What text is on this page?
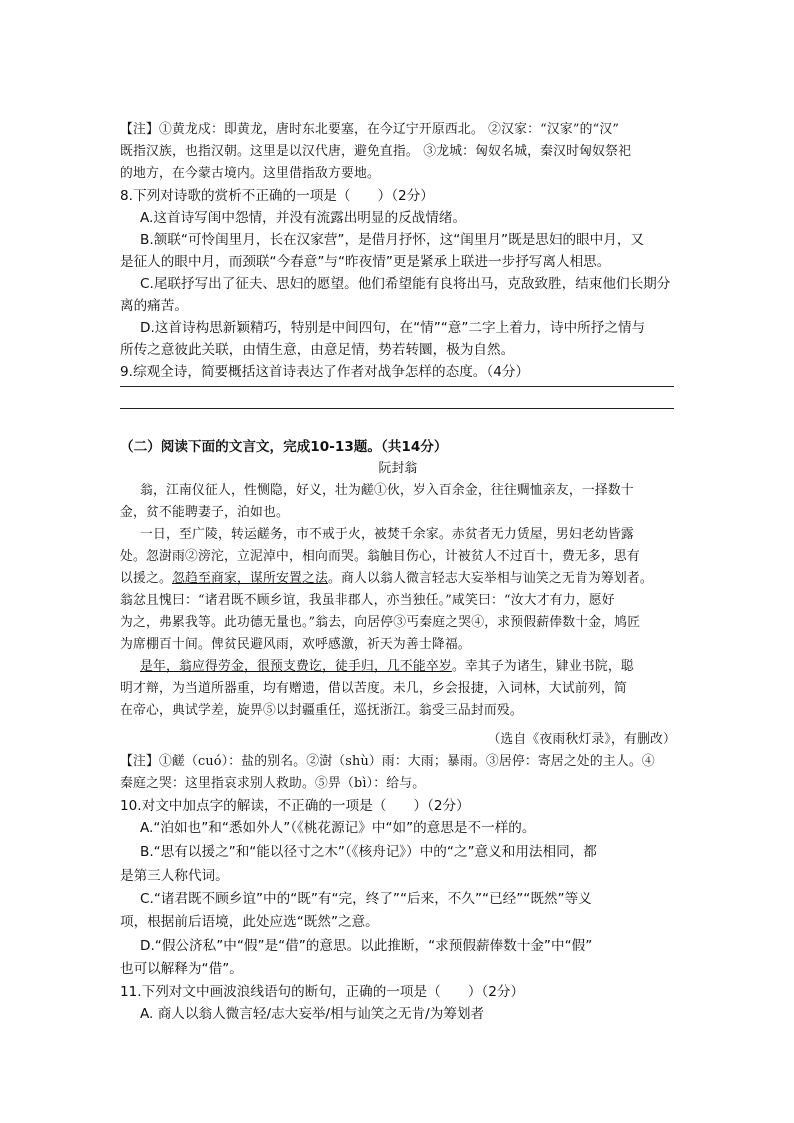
【注】①黄龙戍：即黄龙，唐时东北要塞，在今辽宁开原西北。 ②汉家：“汉家”的“汉”
既指汉族，也指汉朝。这里是以汉代唐，避免直指。 ③龙城：匈奴名城，秦汉时匈奴祭祀
的地方，在今蒙古境内。这里借指敌方要地。
8.下列对诗歌的赏析不正确的一项是（　　）（2分）
A.这首诗写闺中怨情，并没有流露出明显的反战情绪。
B.颔联“可怜闺里月，长在汉家营”，是借月抒怀，这“闺里月”既是思妇的眼中月，又
是征人的眼中月，而颈联“今春意”与“昨夜情”更是紧承上联进一步抒写离人相思。
C.尾联抒写出了征夫、思妇的愿望。他们希望能有良将出马，克敌致胜，结束他们长期分
离的痛苦。
D.这首诗构思新颖精巧，特别是中间四句，在“情”“意”二字上着力，诗中所抒之情与
所传之意彼此关联，由情生意，由意足情，势若转圜，极为自然。
9.综观全诗，简要概括这首诗表达了作者对战争怎样的态度。（4分）
（二）阅读下面的文言文，完成10-13题。（共14分）
阮封翁
翁，江南仪征人，性恻隐，好义，壮为鹾①伙，岁入百余金，往往赒恤亲友，一择数十
金，贫不能聘妻子，泊如也。
一日，至广陵，转运鹾务，市不戒于火，被焚千余家。赤贫者无力赁屋，男妇老幼皆露
处。忽澍雨②滂沱，立泥淖中，相向而哭。翁触目伤心，计被贫人不过百十，费无多，思有
以援之。忽趋至商家，谋所安置之法。商人以翁人微言轻志大妄举相与讪笑之无肯为筹划者。
翁忿且愧曰：“诸君既不顾乡谊，我虽非郡人，亦当独任。”咸笑曰：“汝大才有力，愿好
为之，弗累我等。此功德无量也。”翁去，向居停③丐秦庭之哭④，求预假薪俸数十金，鸠匠
为席棚百十间。俾贫民避风雨，欢呼感激，祈天为善士降福。
是年，翁应得劳金，很预支费讫，徒手归，几不能卒岁。幸其子为诸生，肄业书院，聪
明才辩，为当道所器重，均有赠遗，借以苦度。未几，乡会报捷，入词林，大试前列，简
在帝心，典试学差，旋畀⑤以封疆重任，巡抚浙江。翁受三品封而殁。
（选自《夜雨秋灯录》，有删改）
【注】①鹾（cuó）：盐的别名。②澍（shù）雨：大雨；暴雨。③居停：寄居之处的主人。④
秦庭之哭：这里指哀求别人救助。⑤畀（bì）：给与。
10.对文中加点字的解读，不正确的一项是（　　）（2分）
A.“泊如也”和“悉如外人”（《桃花源记》中“如”的意思是不一样的。
B.“思有以援之”和“能以径寸之木”（《核舟记》）中的“之”意义和用法相同，都
是第三人称代词。
C.“诸君既不顾乡谊”中的“既”有“完，终了”“后来，不久”“已经”“既然”等义
项，根据前后语境，此处应选“既然”之意。
D.“假公济私”中“假”是“借”的意思。以此推断，“求预假薪俸数十金”中“假”
也可以解释为“借”。
11.下列对文中画波浪线语句的断句，正确的一项是（　　）（2分）
A. 商人以翁人微言轻/志大妄举/相与讪笑之无肯/为筹划者
